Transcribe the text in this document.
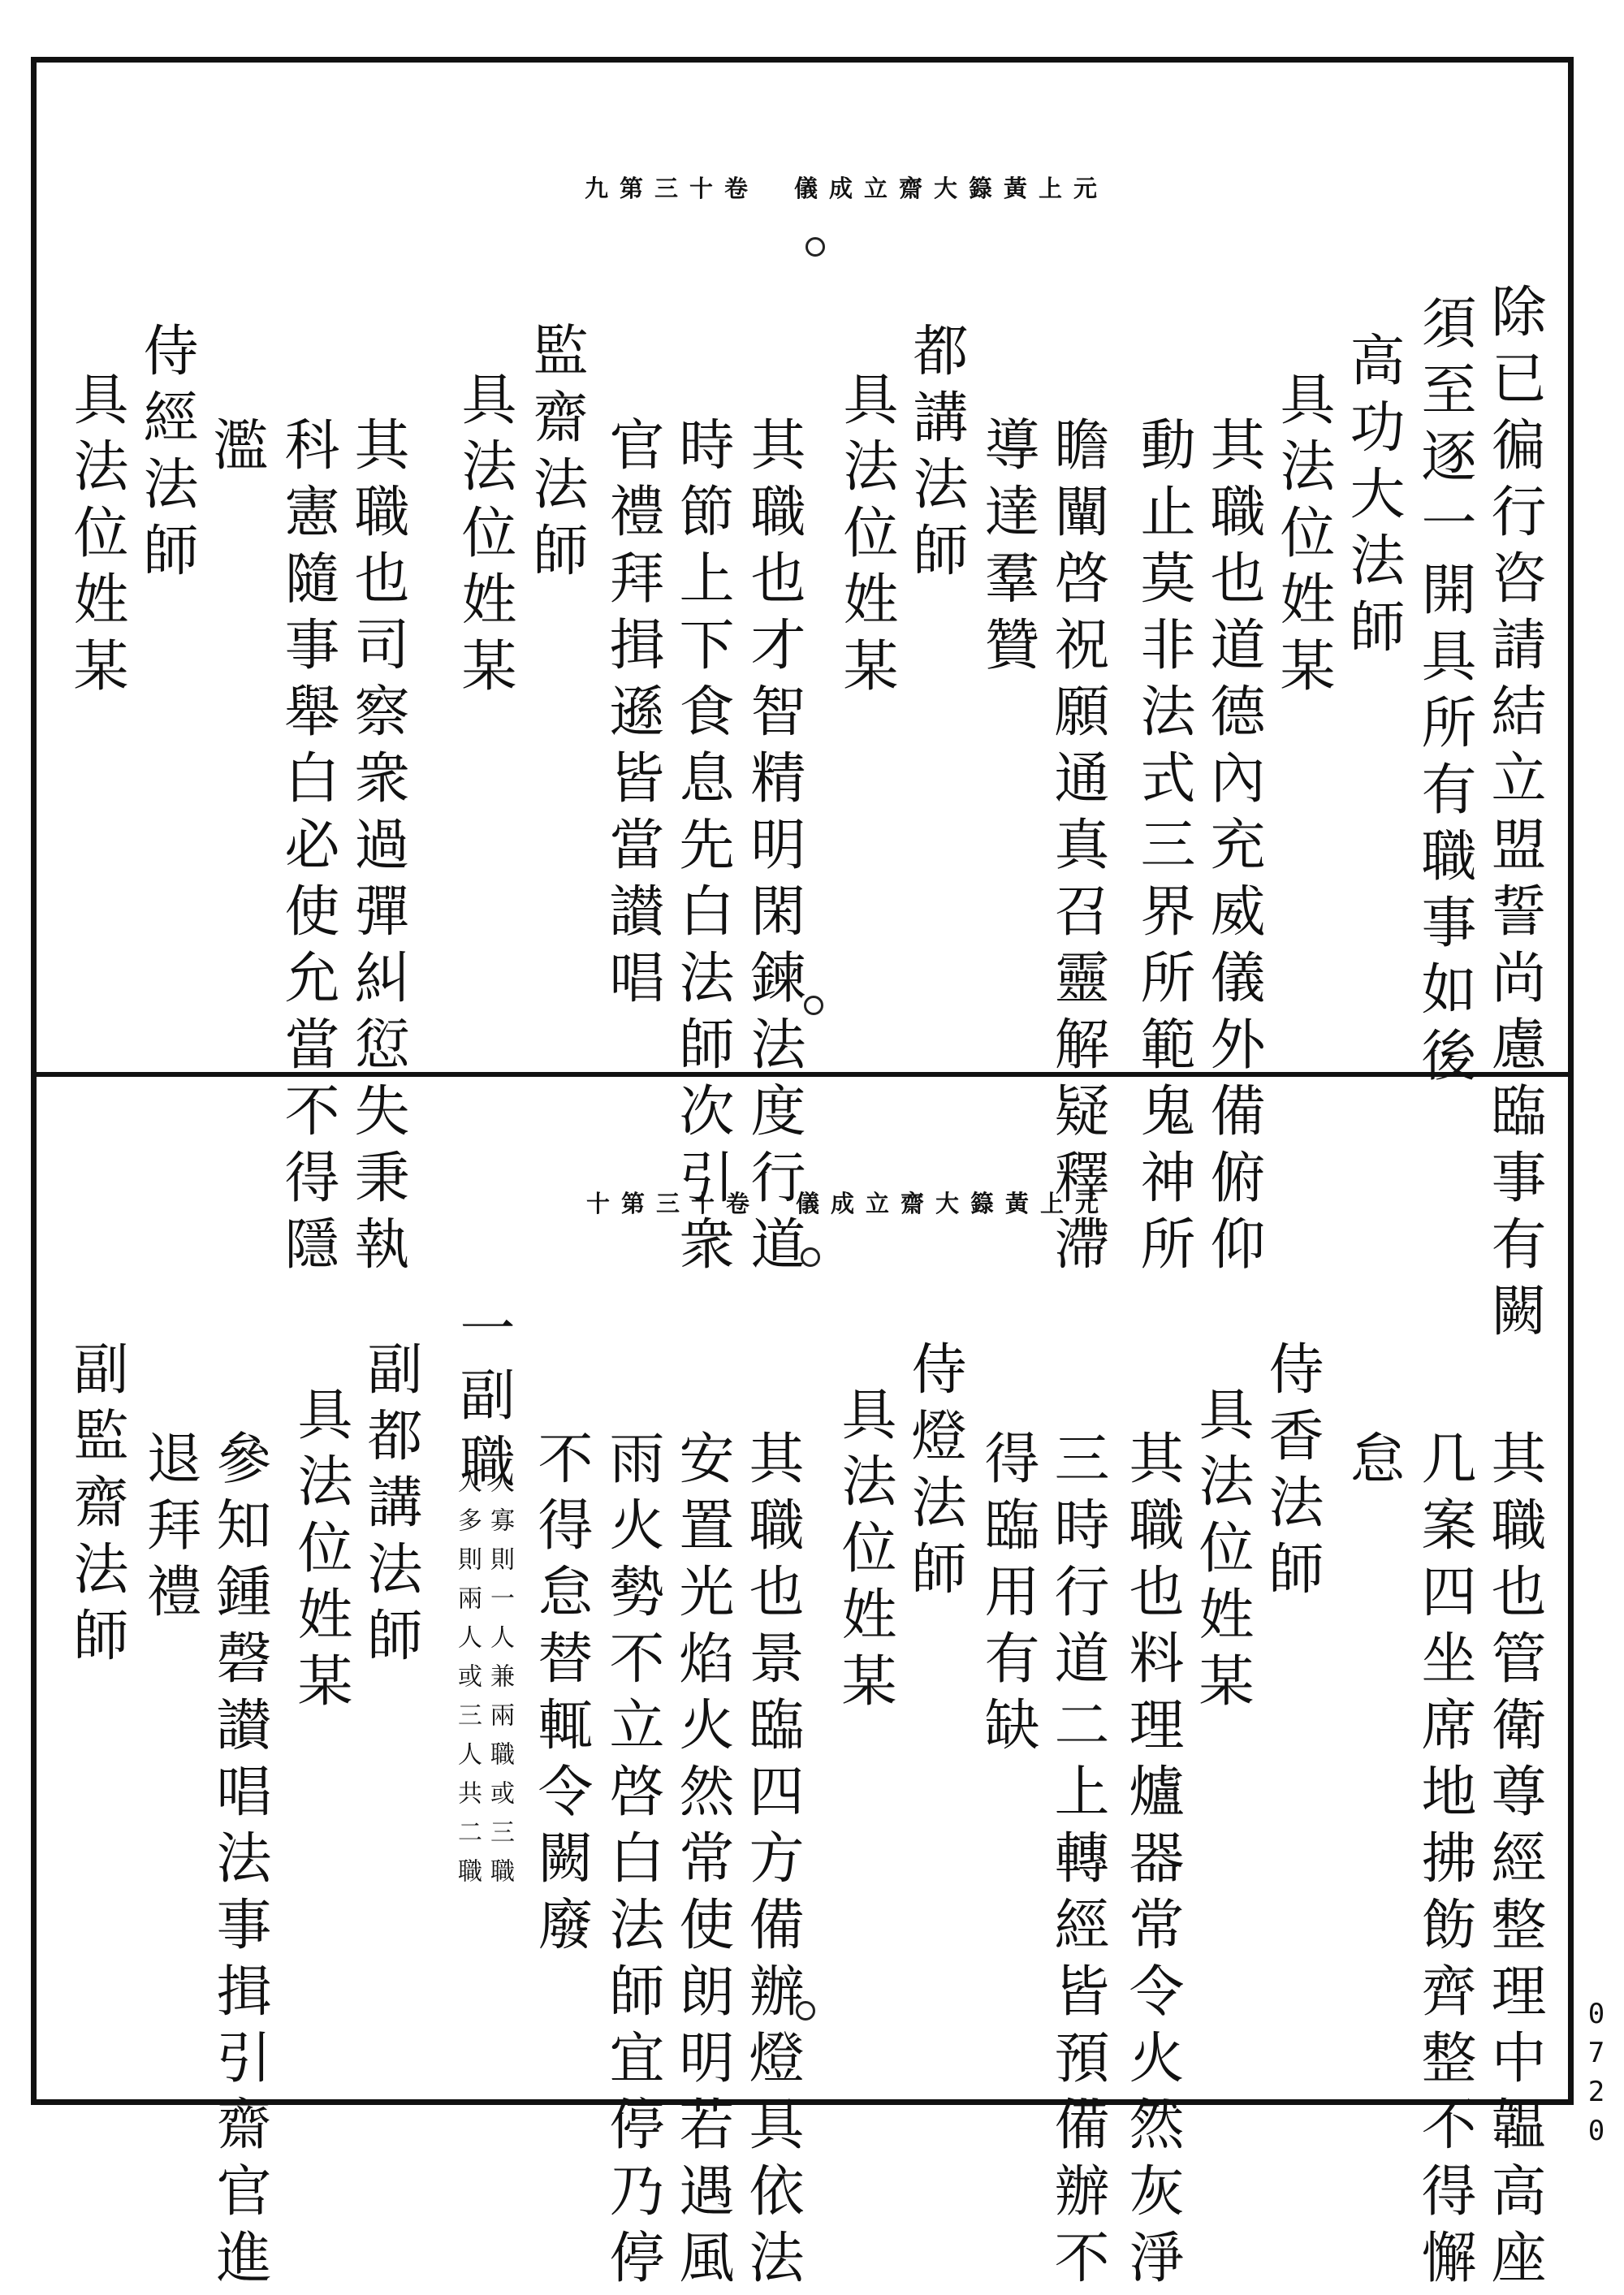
元上黃籙大齋立成儀　卷十三第九
除已徧行咨請結立盟誓尚慮臨事有闕
須至逐一開具所有職事如後
高功大法師
具法位姓某
其職也道德內充威儀外備俯仰
動止莫非法式三界所範鬼神所
瞻闡啓祝願通真召靈解疑釋滯
導達羣贊
都講法師
具法位姓某
其職也才智精明閑鍊法度行道
時節上下食息先白法師次引衆
官禮拜揖遜皆當讃唱
監齋法師
具法位姓某
其職也司察衆過彈糾愆失秉執
科憲隨事舉白必使允當不得隱
濫
侍經法師
具法位姓某
元上黃籙大齋立成儀　卷十三第十
其職也管衛尊經整理中韞高座
几案四坐席地拂飭齊整不得懈
怠
侍香法師
具法位姓某
其職也料理爐器常令火然灰淨
三時行道二上轉經皆預備辦不
得臨用有缺
侍燈法師
具法位姓某
其職也景臨四方備辦燈具依法
安置光焰火然常使朗明若遇風
雨火勢不立啓白法師宜停乃停
不得怠替輒令闕廢
一副職
人寡則一人兼兩職或三職
人多則兩人或三人共二職
副都講法師
具法位姓某
參知鍾磬讃唱法事揖引齋官進
退拜禮
副監齋法師
0720
